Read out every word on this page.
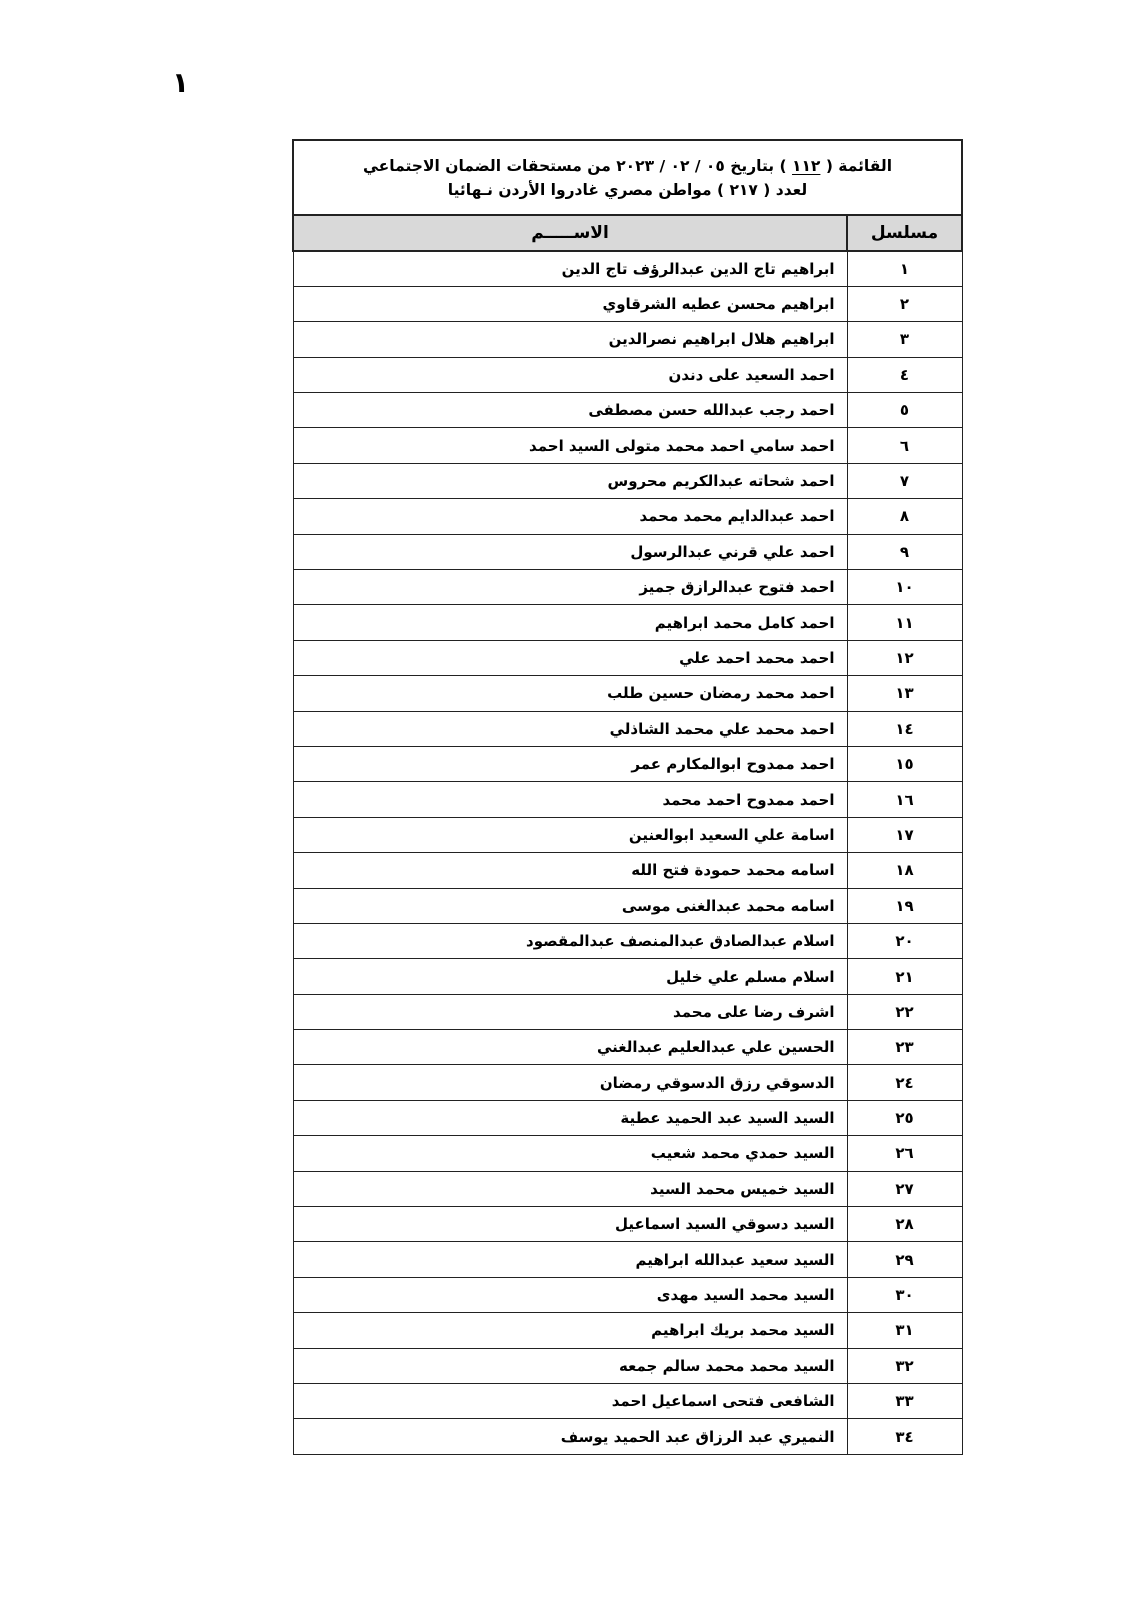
١
القائمة ( ١١٢ ) بتاريخ ٠٥ / ٠٢ / ٢٠٢٣ من مستحقات الضمان الاجتماعي
لعدد ( ٢١٧ ) مواطن مصري غادروا الأردن نـهائيا	

مسلسل	الاســـــم
١	ابراهيم تاج الدين عبدالرؤف تاج الدين
٢	ابراهيم محسن عطيه الشرقاوي
٣	ابراهيم هلال ابراهيم نصرالدين
٤	احمد السعيد على دندن
٥	احمد رجب عبدالله حسن مصطفى
٦	احمد سامي احمد محمد متولى السيد احمد
٧	احمد شحاته عبدالكريم محروس
٨	احمد عبدالدايم محمد محمد
٩	احمد علي قرني عبدالرسول
١٠	احمد فتوح عبدالرازق جميز
١١	احمد كامل محمد ابراهيم
١٢	احمد محمد احمد علي
١٣	احمد محمد رمضان حسين طلب
١٤	احمد محمد علي محمد الشاذلي
١٥	احمد ممدوح ابوالمكارم عمر
١٦	احمد ممدوح احمد محمد
١٧	اسامة علي السعيد ابوالعنين
١٨	اسامه محمد حمودة فتح الله
١٩	اسامه محمد عبدالغنى موسى
٢٠	اسلام عبدالصادق عبدالمنصف عبدالمقصود
٢١	اسلام مسلم علي خليل
٢٢	اشرف رضا على محمد
٢٣	الحسين علي عبدالعليم عبدالغني
٢٤	الدسوقي رزق الدسوقي رمضان
٢٥	السيد السيد عبد الحميد عطية
٢٦	السيد حمدي محمد شعيب
٢٧	السيد خميس محمد السيد
٢٨	السيد دسوقي السيد اسماعيل
٢٩	السيد سعيد عبدالله ابراهيم
٣٠	السيد محمد السيد مهدى
٣١	السيد محمد بريك ابراهيم
٣٢	السيد محمد محمد سالم جمعه
٣٣	الشافعى فتحى اسماعيل احمد
٣٤	النميري عبد الرزاق عبد الحميد يوسف
